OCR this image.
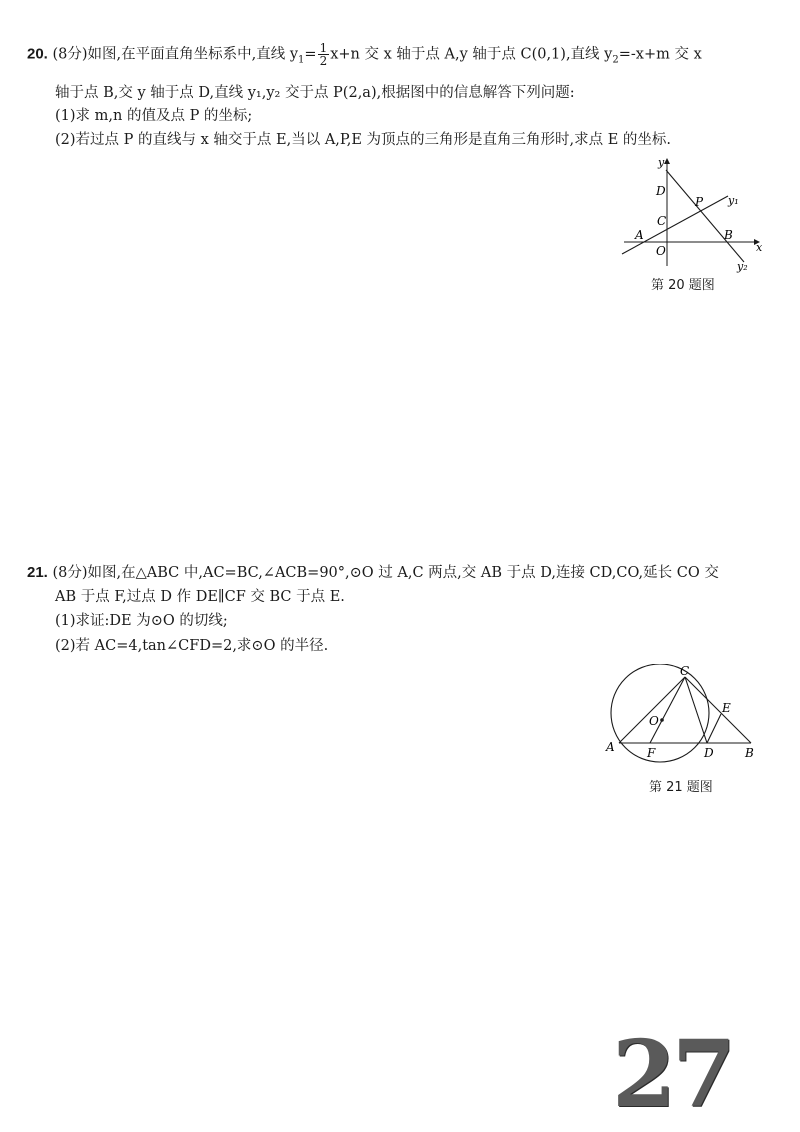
20. (8分)如图,在平面直角坐标系中,直线 $y_1= \frac{1}{2} x+n$ 交 x 轴于点 A,y 轴于点 C(0,1),直线 $y_2=-x+m$ 交 x
轴于点 B,交 y 轴于点 D,直线 y₁,y₂ 交于点 P(2,a),根据图中的信息解答下列问题:
(1)求 m,n 的值及点 P 的坐标;
(2)若过点 P 的直线与 x 轴交于点 E,当以 A,P,E 为顶点的三角形是直角三角形时,求点 E 的坐标.
y
x
D
C
A
O
P
B
y₁
y₂
第 20 题图
21. (8分)如图,在△ABC 中,AC=BC,∠ACB=90°,⊙O 过 A,C 两点,交 AB 于点 D,连接 CD,CO,延长 CO 交
AB 于点 F,过点 D 作 DE∥CF 交 BC 于点 E.
(1)求证:DE 为⊙O 的切线;
(2)若 AC=4,tan∠CFD=2,求⊙O 的半径.
C
E
O
A	F	D	B
第 21 题图
27
